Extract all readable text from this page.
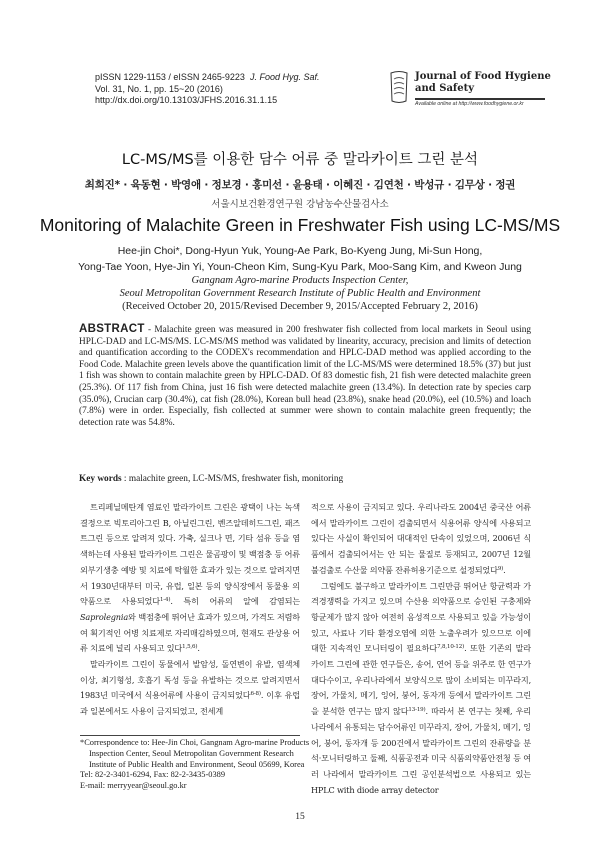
pISSN 1229-1153 / eISSN 2465-9223 J. Food Hyg. Saf.
Vol. 31, No. 1, pp. 15~20 (2016)
http://dx.doi.org/10.13103/JFHS.2016.31.1.15
Journal of Food Hygiene
and Safety
Available online at http://www.foodhygiene.or.kr
LC-MS/MS를 이용한 담수 어류 중 말라카이트 그린 분석
최희진* · 육동현 · 박영애 · 정보경 · 홍미선 · 윤용태 · 이혜진 · 김연천 · 박성규 · 김무상 · 정권
서울시보건환경연구원 강남농수산물검사소
Monitoring of Malachite Green in Freshwater Fish using LC-MS/MS
Hee-jin Choi*, Dong-Hyun Yuk, Young-Ae Park, Bo-Kyeng Jung, Mi-Sun Hong,
Yong-Tae Yoon, Hye-Jin Yi, Youn-Cheon Kim, Sung-Kyu Park, Moo-Sang Kim, and Kweon Jung
Gangnam Agro-marine Products Inspection Center,
Seoul Metropolitan Government Research Institute of Public Health and Environment
(Received October 20, 2015/Revised December 9, 2015/Accepted February 2, 2016)
ABSTRACT - Malachite green was measured in 200 freshwater fish collected from local markets in Seoul using HPLC-DAD and LC-MS/MS. LC-MS/MS method was validated by linearity, accuracy, precision and limits of detection and quantification according to the CODEX's recommendation and HPLC-DAD method was applied according to the Food Code. Malachite green levels above the quantification limit of the LC-MS/MS were determined 18.5% (37) but just 1 fish was shown to contain malachite green by HPLC-DAD. Of 83 domestic fish, 21 fish were detected malachite green (25.3%). Of 117 fish from China, just 16 fish were detected malachite green (13.4%). In detection rate by species carp (35.0%), Crucian carp (30.4%), cat fish (28.0%), Korean bull head (23.8%), snake head (20.0%), eel (10.5%) and loach (7.8%) were in order. Especially, fish collected at summer were shown to contain malachite green frequently; the detection rate was 54.8%.
Key words : malachite green, LC-MS/MS, freshwater fish, monitoring

트리페닐메탄계 염료인 말라카이트 그린은 광택이 나는 녹색 결정으로 빅토리아그린 B, 아닐린그린, 벤즈알데히드그린, 패즈트그린 등으로 알려져 있다. 가축, 실크나 면, 기타 섬유 등을 염색하는데 사용된 말라카이트 그린은 물곰팡이 및 백점충 등 어류 외부기생충 예방 및 치료에 탁월한 효과가 있는 것으로 알려지면서 1930년대부터 미국, 유럽, 일본 등의 양식장에서 동물용 의약품으로 사용되었다$^{1-4)}$. 특히 어류의 알에 감염되는 Saprolegnia와 백점충에 뛰어난 효과가 있으며, 가격도 저렴하여 획기적인 어병 치료제로 자리매김하였으며, 현재도 관상용 어류 치료에 널리 사용되고 있다$^{1,5,6)}$.

말라카이트 그린이 동물에서 발암성, 돌연변이 유발, 염색체 이상, 최기형성, 호흡기 독성 등을 유발하는 것으로 알려지면서 1983년 미국에서 식용어류에 사용이 금지되었다$^{6-8)}$. 이후 유럽과 일본에서도 사용이 금지되었고, 전세계

적으로 사용이 금지되고 있다. 우리나라도 2004년 중국산 어류에서 말라카이트 그린이 검출되면서 식용어류 양식에 사용되고 있다는 사실이 확인되어 대대적인 단속이 있었으며, 2006년 식품에서 검출되어서는 안 되는 물질로 등재되고, 2007년 12월 불검출로 수산물 의약품 잔류허용기준으로 설정되었다$^{9)}$.

그럼에도 불구하고 말라카이트 그린만큼 뛰어난 항균력과 가격경쟁력을 가지고 있으며 수산용 의약품으로 승인된 구충제와 항균제가 많지 않아 여전히 음성적으로 사용되고 있을 가능성이 있고, 사료나 기타 환경오염에 의한 노출우려가 있으므로 이에 대한 지속적인 모니터링이 필요하다$^{7,8,10-12)}$. 또한 기존의 말라카이트 그린에 관한 연구들은, 송어, 연어 등을 위주로 한 연구가 대다수이고, 우리나라에서 보양식으로 많이 소비되는 미꾸라지, 장어, 가물치, 메기, 잉어, 붕어, 동자개 등에서 말라카이트 그린을 분석한 연구는 많지 않다$^{13-19)}$. 따라서 본 연구는 첫째, 우리나라에서 유통되는 담수어류인 미꾸라지, 장어, 가물치, 메기, 잉어, 붕어, 동자개 등 200건에서 말라카이트 그린의 잔류량을 분석·모니터링하고 둘째, 식품공전과 미국 식품의약품안전청 등 여러 나라에서 말라카이트 그린 공인분석법으로 사용되고 있는 HPLC with diode array detector

*Correspondence to: Hee-Jin Choi, Gangnam Agro-marine Products
Inspection Center, Seoul Metropolitan Government Research
Institute of Public Health and Environment, Seoul 05699, Korea
Tel: 82-2-3401-6294, Fax: 82-2-3435-0389
E-mail: merryyear@seoul.go.kr
15
